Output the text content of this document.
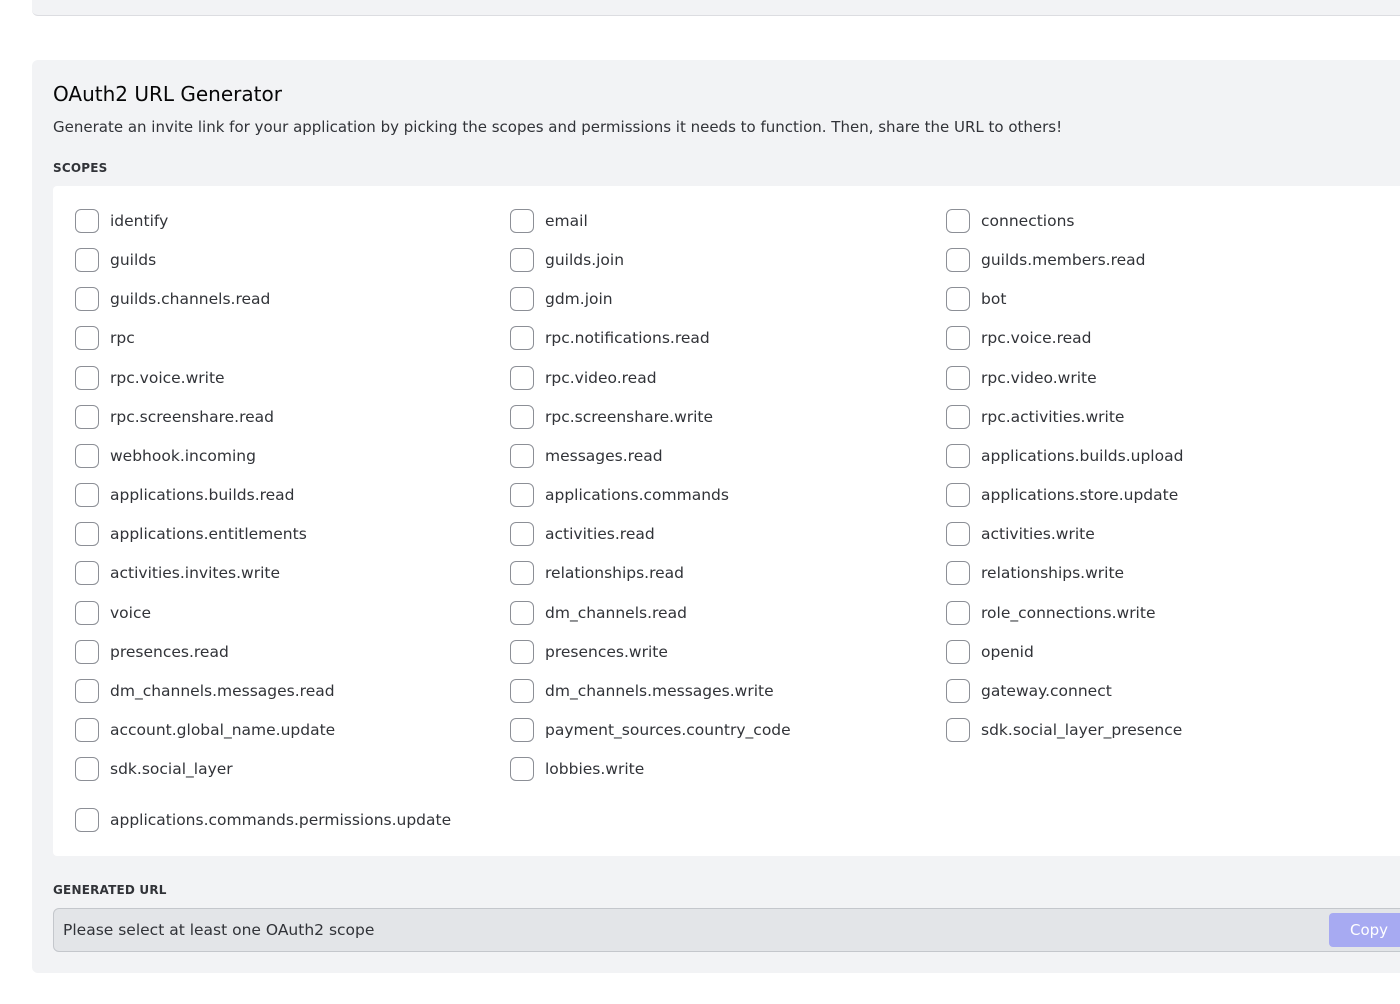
OAuth2 URL Generator

Generate an invite link for your application by picking the scopes and permissions it needs to function. Then, share the URL to others!

SCOPES
identify
guilds
guilds.channels.read
rpc
rpc.voice.write
rpc.screenshare.read
webhook.incoming
applications.builds.read
applications.entitlements
activities.invites.write
voice
presences.read
dm_channels.messages.read
account.global_name.update
sdk.social_layer
email
guilds.join
gdm.join
rpc.notifications.read
rpc.video.read
rpc.screenshare.write
messages.read
applications.commands
activities.read
relationships.read
dm_channels.read
presences.write
dm_channels.messages.write
payment_sources.country_code
lobbies.write
connections
guilds.members.read
bot
rpc.voice.read
rpc.video.write
rpc.activities.write
applications.builds.upload
applications.store.update
activities.write
relationships.write
role_connections.write
openid
gateway.connect
sdk.social_layer_presence
applications.commands.permissions.update
GENERATED URL
Please select at least one OAuth2 scope
Copy
